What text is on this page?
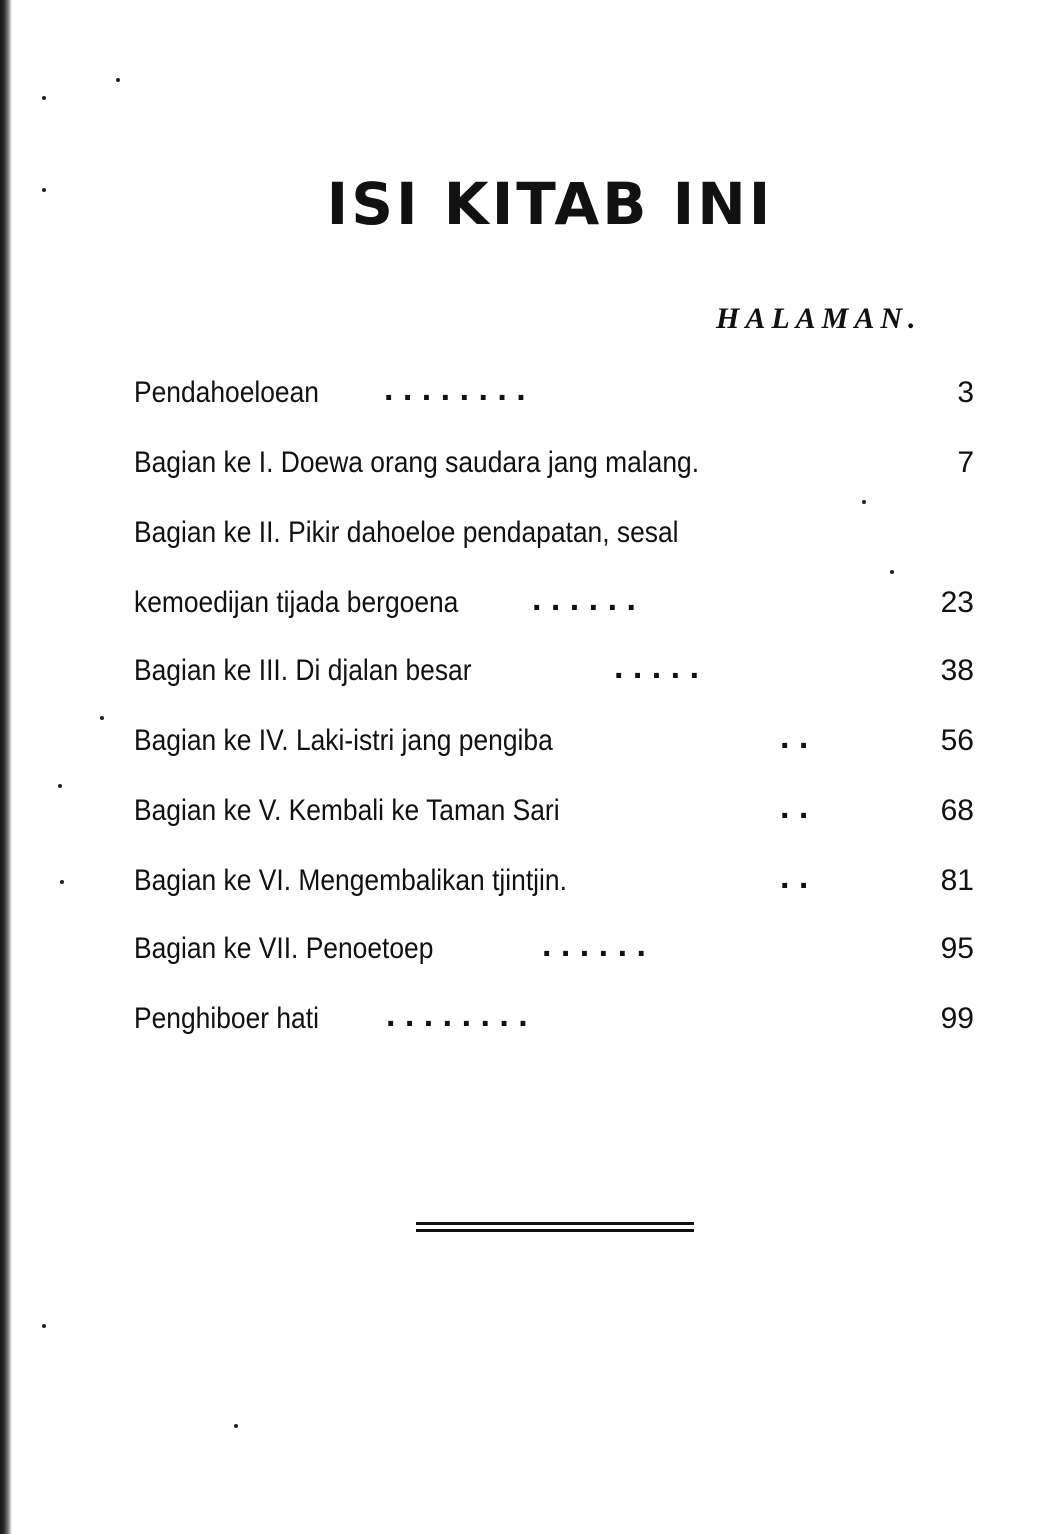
ISI KITAB INI
HALAMAN.
Pendahoeloean . . . . . . . .	3
Bagian ke I. Doewa orang saudara jang malang.	7
Bagian ke II. Pikir dahoeloe pendapatan, sesal
kemoedijan tijada bergoena . . . . . .	23
Bagian ke III. Di djalan besar	. . . . .	38
Bagian ke IV. Laki-istri jang pengiba	. .	56
Bagian ke V. Kembali ke Taman Sari	. .	68
Bagian ke VI. Mengembalikan tjintjin.	. .	81
Bagian ke VII. Penoetoep	. . . . . .	95
Penghiboer hati . . . . . . . .	99
